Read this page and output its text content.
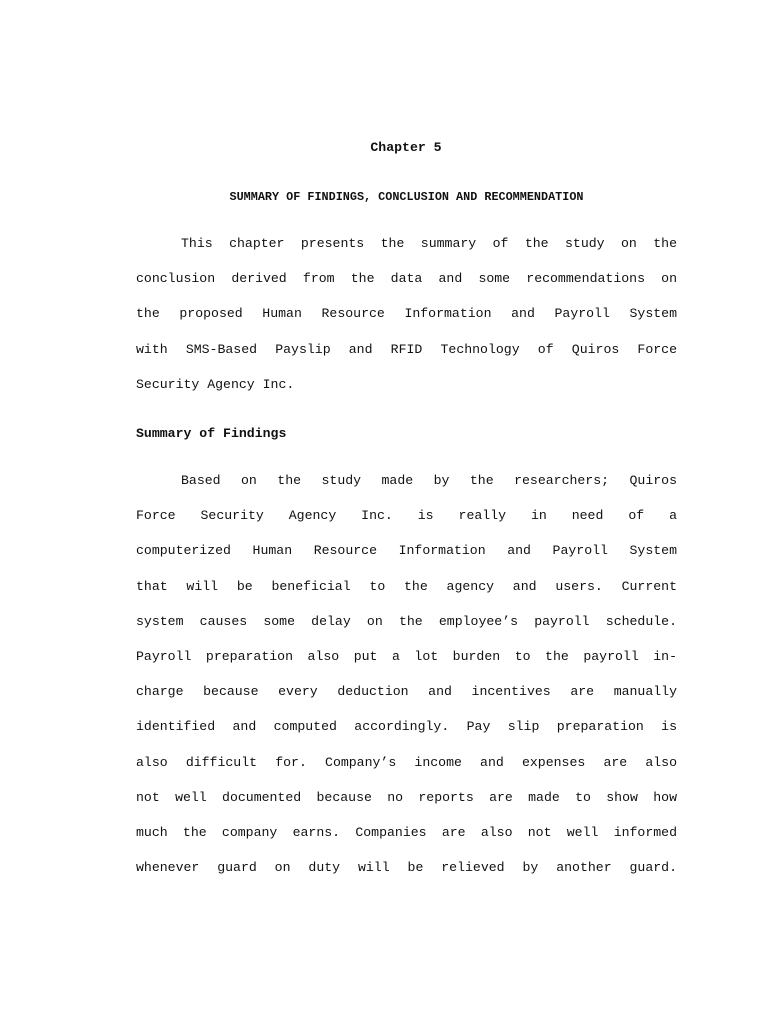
Chapter 5
SUMMARY OF FINDINGS, CONCLUSION AND RECOMMENDATION
This chapter presents the summary of the study on the
conclusion derived from the data and some recommendations on
the proposed Human Resource Information and Payroll System
with SMS-Based Payslip and RFID Technology of Quiros Force
Security Agency Inc.
Summary of Findings
Based on the study made by the researchers; Quiros
Force Security Agency Inc. is really in need of a
computerized Human Resource Information and Payroll System
that will be beneficial to the agency and users. Current
system causes some delay on the employee’s payroll schedule.
Payroll preparation also put a lot burden to the payroll in-
charge because every deduction and incentives are manually
identified and computed accordingly. Pay slip preparation is
also difficult for. Company’s income and expenses are also
not well documented because no reports are made to show how
much the company earns. Companies are also not well informed
whenever guard on duty will be relieved by another guard.
